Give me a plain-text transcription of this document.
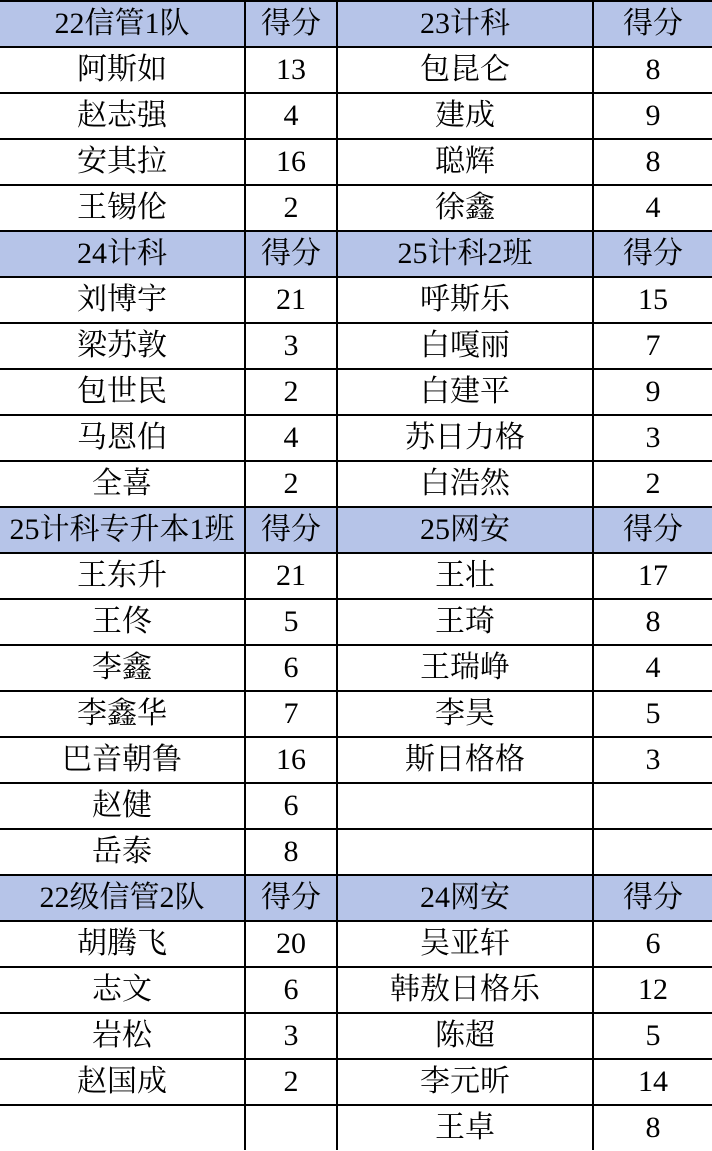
22信管1队	得分	23计科	得分
阿斯如	13	包昆仑	8
赵志强	4	建成	9
安其拉	16	聪辉	8
王锡伦	2	徐鑫	4
24计科	得分	25计科2班	得分
刘博宇	21	呼斯乐	15
梁苏敦	3	白嘎丽	7
包世民	2	白建平	9
马恩伯	4	苏日力格	3
全喜	2	白浩然	2
25计科专升本1班	得分	25网安	得分
王东升	21	王壮	17
王佟	5	王琦	8
李鑫	6	王瑞峥	4
李鑫华	7	李昊	5
巴音朝鲁	16	斯日格格	3
赵健	6		
岳泰	8		
22级信管2队	得分	24网安	得分
胡腾飞	20	吴亚轩	6
志文	6	韩敖日格乐	12
岩松	3	陈超	5
赵国成	2	李元昕	14
		王卓	8
